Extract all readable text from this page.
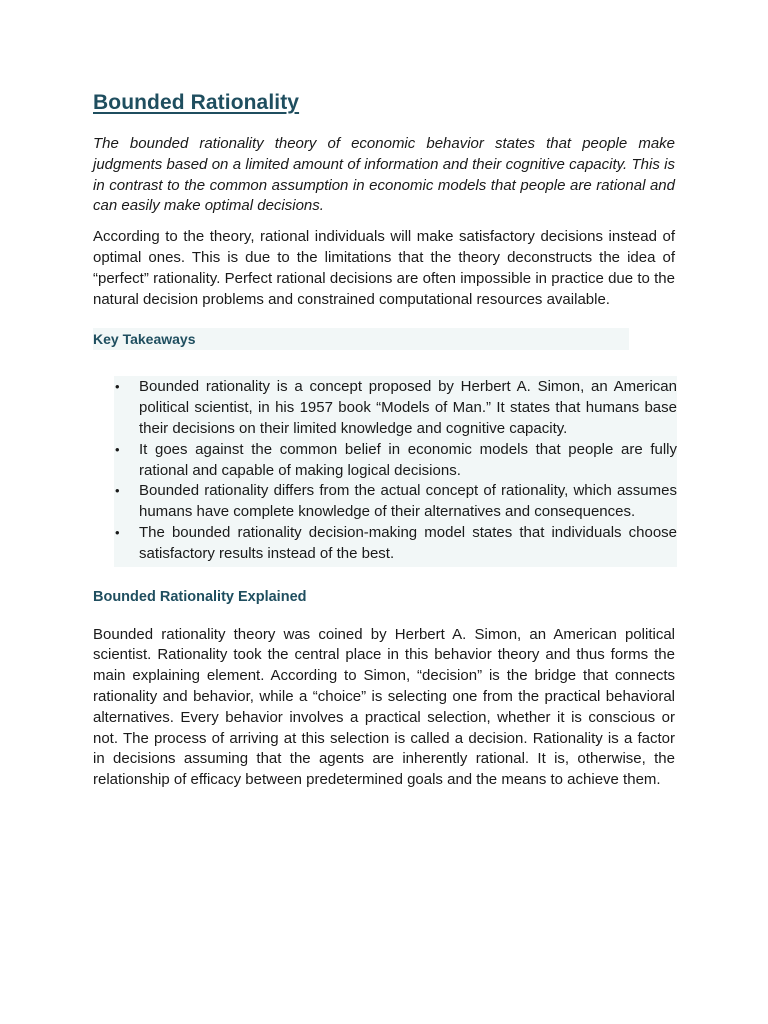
Bounded Rationality

The bounded rationality theory of economic behavior states that people make judgments based on a limited amount of information and their cognitive capacity. This is in contrast to the common assumption in economic models that people are rational and can easily make optimal decisions.

According to the theory, rational individuals will make satisfactory decisions instead of optimal ones. This is due to the limitations that the theory deconstructs the idea of “perfect” rationality. Perfect rational decisions are often impossible in practice due to the natural decision problems and constrained computational resources available.

Key Takeaways
• Bounded rationality is a concept proposed by Herbert A. Simon, an American political scientist, in his 1957 book “Models of Man.” It states that humans base their decisions on their limited knowledge and cognitive capacity.
• It goes against the common belief in economic models that people are fully rational and capable of making logical decisions.
• Bounded rationality differs from the actual concept of rationality, which assumes humans have complete knowledge of their alternatives and consequences.
• The bounded rationality decision-making model states that individuals choose satisfactory results instead of the best.
Bounded Rationality Explained

Bounded rationality theory was coined by Herbert A. Simon, an American political scientist. Rationality took the central place in this behavior theory and thus forms the main explaining element. According to Simon, “decision” is the bridge that connects rationality and behavior, while a “choice” is selecting one from the practical behavioral alternatives. Every behavior involves a practical selection, whether it is conscious or not. The process of arriving at this selection is called a decision. Rationality is a factor in decisions assuming that the agents are inherently rational. It is, otherwise, the relationship of efficacy between predetermined goals and the means to achieve them.
